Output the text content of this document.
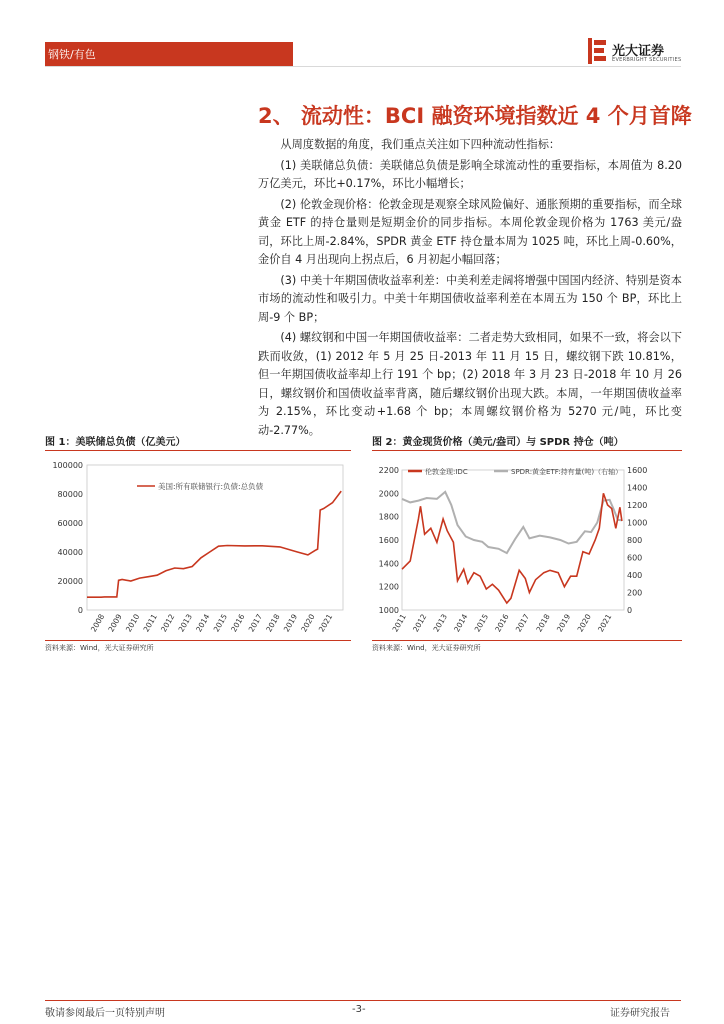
钢铁/有色	光大证券
EVERBRIGHT SECURITIES
2、 流动性：BCI 融资环境指数近 4 个月首降

从周度数据的角度，我们重点关注如下四种流动性指标：

(1) 美联储总负债：美联储总负债是影响全球流动性的重要指标，本周值为 8.20 万亿美元，环比+0.17%，环比小幅增长；

(2) 伦敦金现价格：伦敦金现是观察全球风险偏好、通胀预期的重要指标，而全球黄金 ETF 的持仓量则是短期金价的同步指标。本周伦敦金现价格为 1763 美元/盎司，环比上周-2.84%，SPDR 黄金 ETF 持仓量本周为 1025 吨，环比上周-0.60%，金价自 4 月出现向上拐点后，6 月初起小幅回落；

(3) 中美十年期国债收益率利差：中美利差走阔将增强中国国内经济、特别是资本市场的流动性和吸引力。中美十年期国债收益率利差在本周五为 150 个 BP，环比上周-9 个 BP；

(4) 螺纹钢和中国一年期国债收益率：二者走势大致相同，如果不一致，将会以下跌而收敛，(1) 2012 年 5 月 25 日-2013 年 11 月 15 日，螺纹钢下跌 10.81%，但一年期国债收益率却上行 191 个 bp；(2) 2018 年 3 月 23 日-2018 年 10 月 26 日，螺纹钢价和国债收益率背离，随后螺纹钢价出现大跌。本周，一年期国债收益率为 2.15%，环比变动+1.68 个 bp；本周螺纹钢价格为 5270 元/吨，环比变动-2.77%。

图 1：美联储总负债（亿美元）
0
20000
40000
60000
80000
100000
2008 2009 2010 2011 2012 2013 2014 2015 2016 2017 2018 2019 2020 2021
美国:所有联储银行:负债:总负债
资料来源：Wind，光大证券研究所
图 2：黄金现货价格（美元/盎司）与 SPDR 持仓（吨）
1000
1200
1400
1600
1800
2000
2200
0
200
400
600
800
1000
1200
1400
1600
2011 2012 2013 2014 2015 2016 2017 2018 2019 2020 2021
伦敦金现:IDC	SPDR:黄金ETF:持有量(吨)（右轴）
资料来源：Wind，光大证券研究所
敬请参阅最后一页特别声明	-3-	证券研究报告
